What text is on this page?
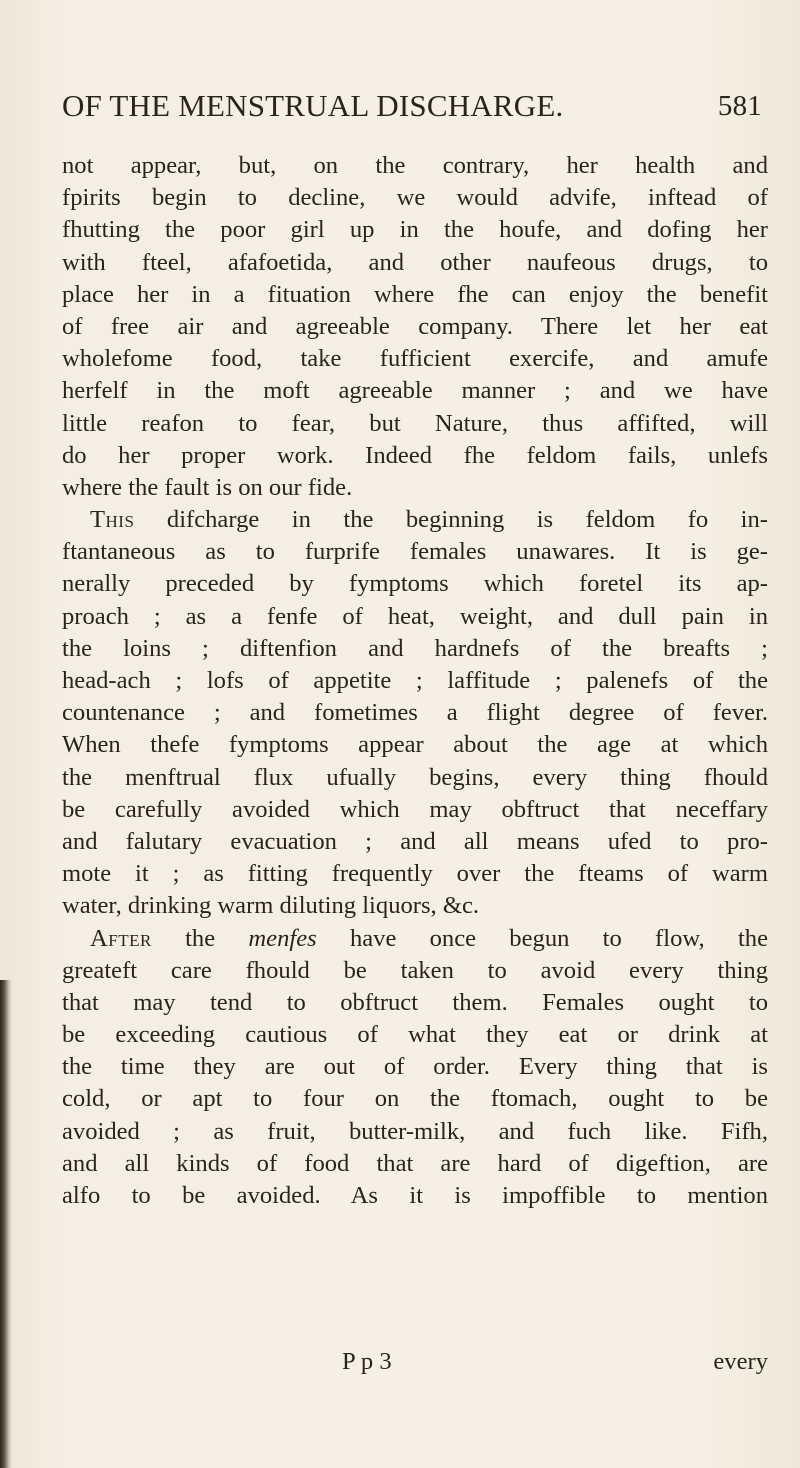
OF THE MENSTRUAL DISCHARGE.	581
not appear, but, on the contrary, her health and
fpirits begin to decline, we would advife, inftead of
fhutting the poor girl up in the houfe, and dofing her
with fteel, afafoetida, and other naufeous drugs, to
place her in a fituation where fhe can enjoy the benefit
of free air and agreeable company. There let her eat
wholefome food, take fufficient exercife, and amufe
herfelf in the moft agreeable manner ; and we have
little reafon to fear, but Nature, thus affifted, will
do her proper work. Indeed fhe feldom fails, unlefs
where the fault is on our fide.
This difcharge in the beginning is feldom fo in-
ftantaneous as to furprife females unawares. It is ge-
nerally preceded by fymptoms which foretel its ap-
proach ; as a fenfe of heat, weight, and dull pain in
the loins ; diftenfion and hardnefs of the breafts ;
head-ach ; lofs of appetite ; laffitude ; palenefs of the
countenance ; and fometimes a flight degree of fever.
When thefe fymptoms appear about the age at which
the menftrual flux ufually begins, every thing fhould
be carefully avoided which may obftruct that neceffary
and falutary evacuation ; and all means ufed to pro-
mote it ; as fitting frequently over the fteams of warm
water, drinking warm diluting liquors, &c.
After the menfes have once begun to flow, the
greateft care fhould be taken to avoid every thing
that may tend to obftruct them. Females ought to
be exceeding cautious of what they eat or drink at
the time they are out of order. Every thing that is
cold, or apt to four on the ftomach, ought to be
avoided ; as fruit, butter-milk, and fuch like. Fifh,
and all kinds of food that are hard of digeftion, are
alfo to be avoided. As it is impoffible to mention
P p 3	every
